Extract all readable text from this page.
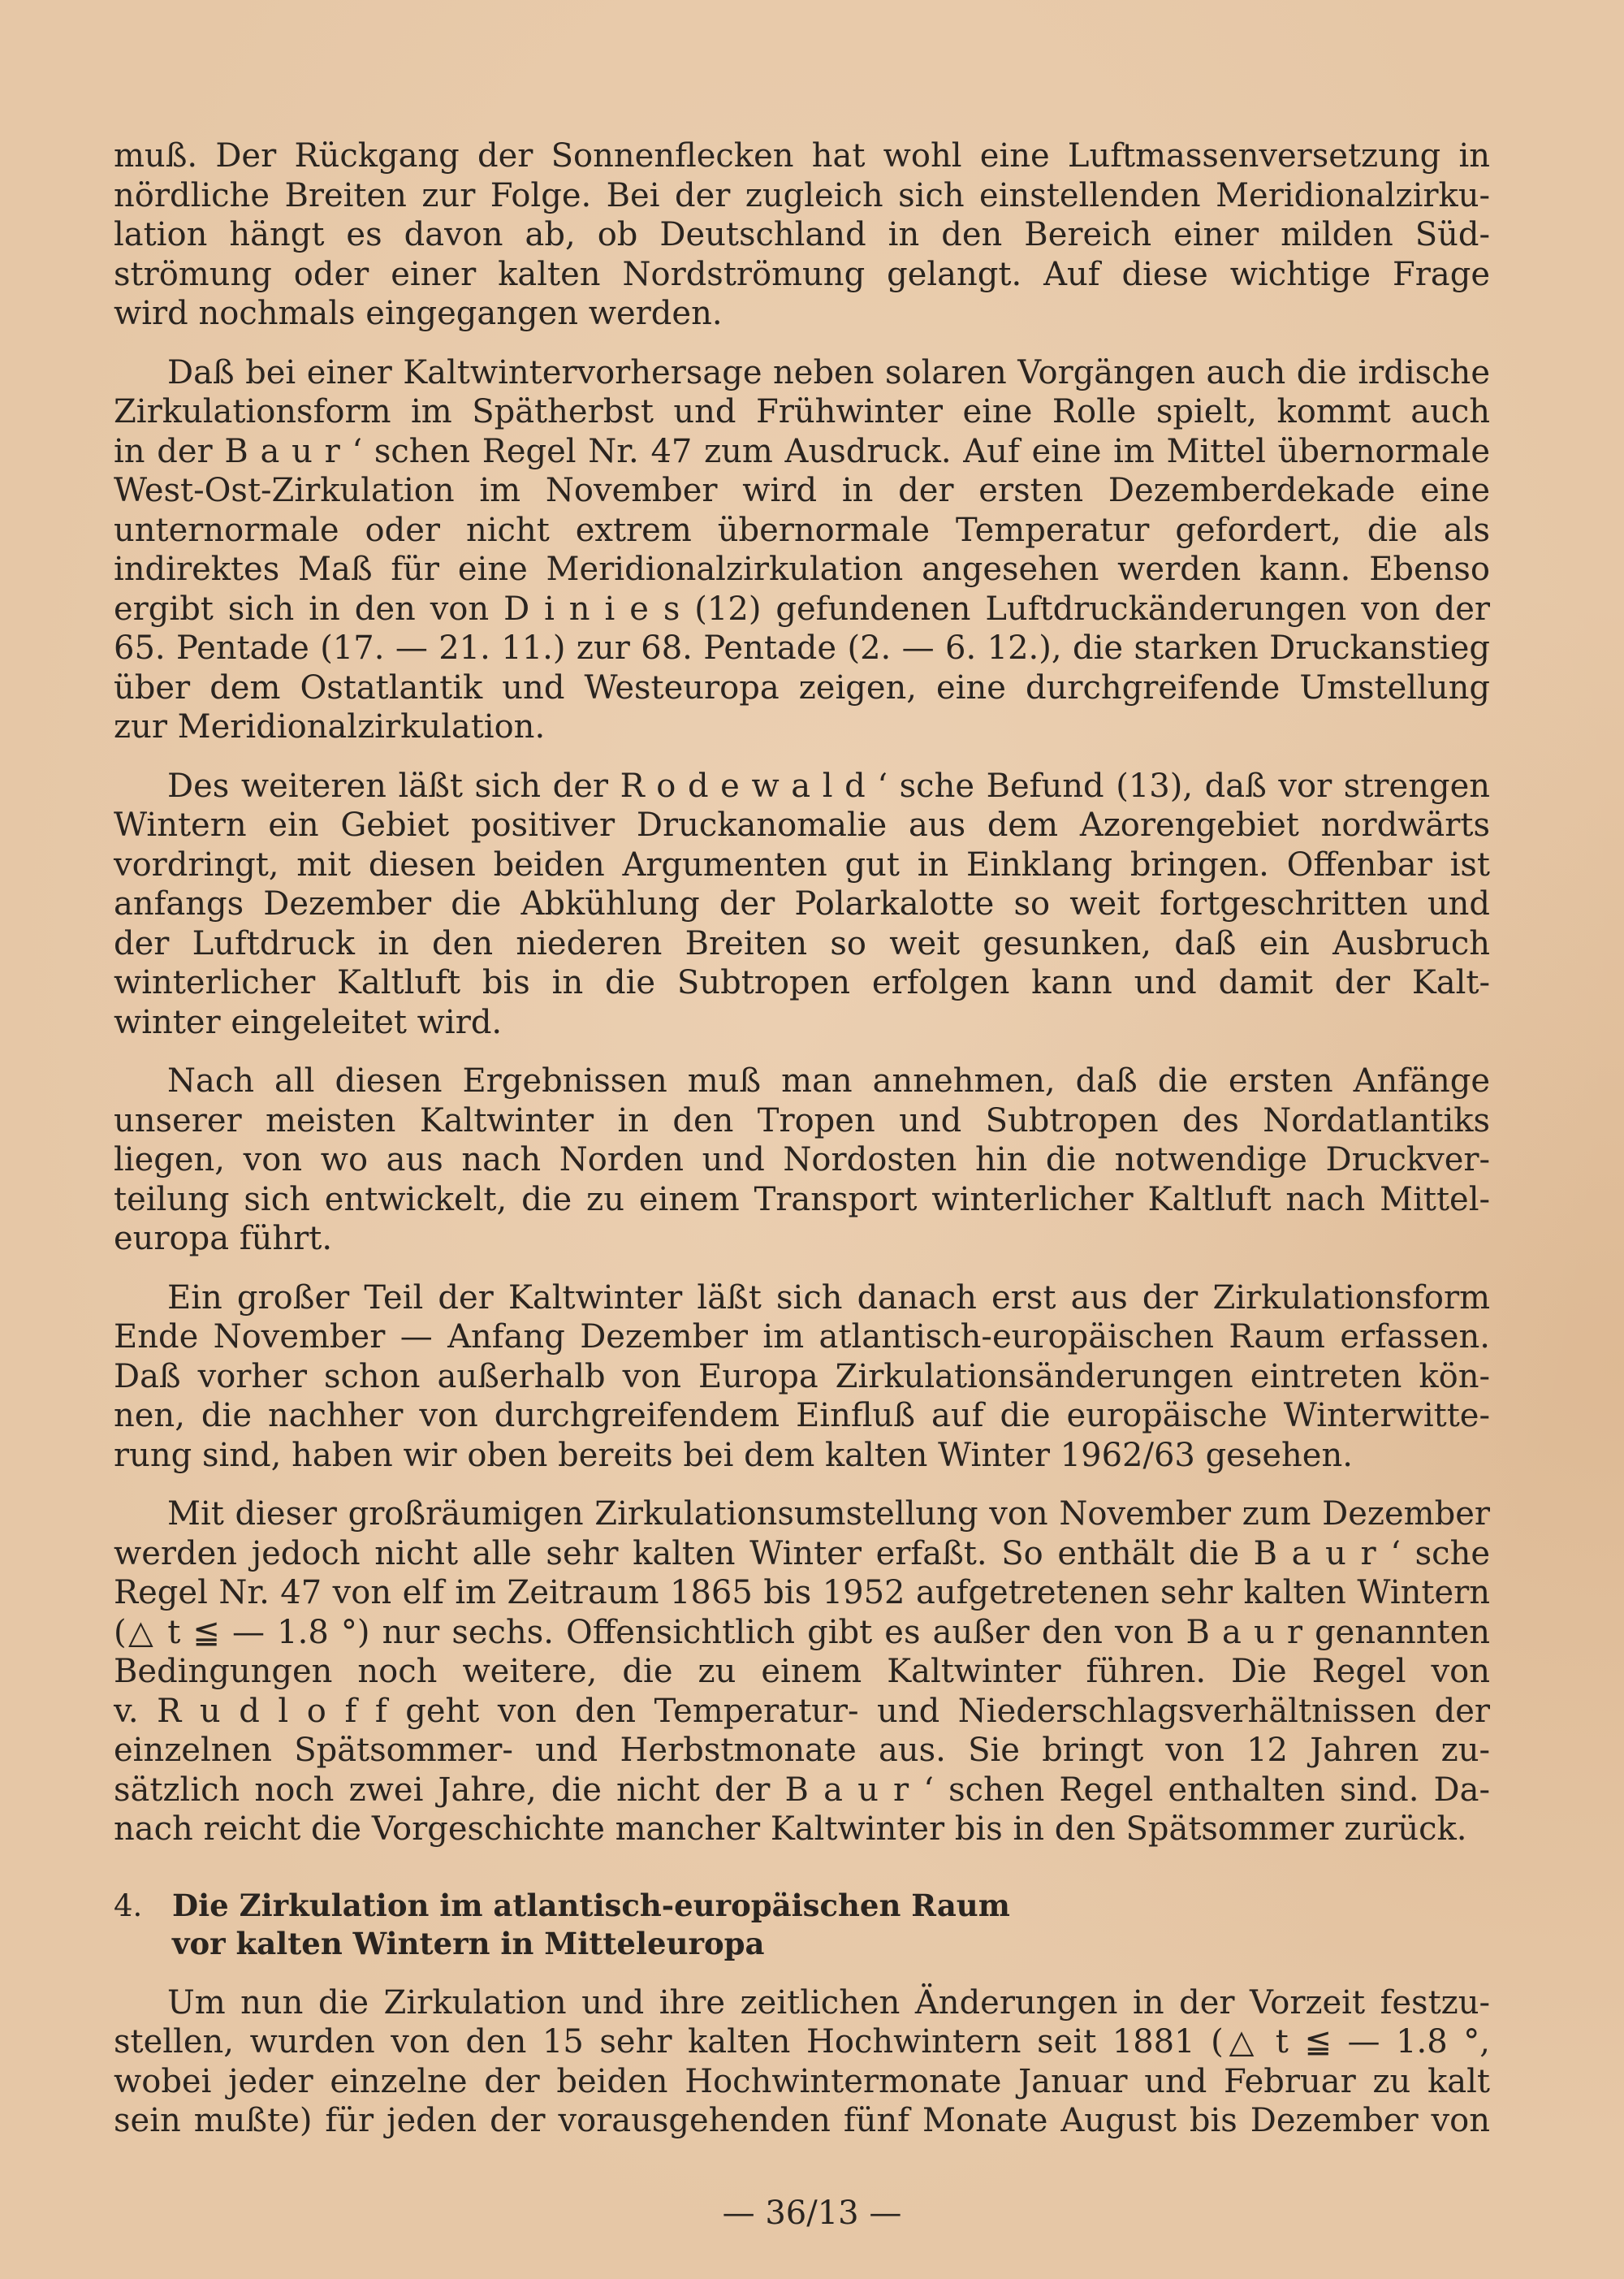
muß. Der Rückgang der Sonnenflecken hat wohl eine Luftmassenversetzung in
nördliche Breiten zur Folge. Bei der zugleich sich einstellenden Meridionalzirku-
lation hängt es davon ab, ob Deutschland in den Bereich einer milden Süd-
strömung oder einer kalten Nordströmung gelangt. Auf diese wichtige Frage
wird nochmals eingegangen werden.
Daß bei einer Kaltwintervorhersage neben solaren Vorgängen auch die irdische
Zirkulationsform im Spätherbst und Frühwinter eine Rolle spielt, kommt auch
in der B a u r ‘ schen Regel Nr. 47 zum Ausdruck. Auf eine im Mittel übernormale
West-Ost-Zirkulation im November wird in der ersten Dezemberdekade eine
unternormale oder nicht extrem übernormale Temperatur gefordert, die als
indirektes Maß für eine Meridionalzirkulation angesehen werden kann. Ebenso
ergibt sich in den von D i n i e s (12) gefundenen Luftdruckänderungen von der
65. Pentade (17. — 21. 11.) zur 68. Pentade (2. — 6. 12.), die starken Druckanstieg
über dem Ostatlantik und Westeuropa zeigen, eine durchgreifende Umstellung
zur Meridionalzirkulation.
Des weiteren läßt sich der R o d e w a l d ‘ sche Befund (13), daß vor strengen
Wintern ein Gebiet positiver Druckanomalie aus dem Azorengebiet nordwärts
vordringt, mit diesen beiden Argumenten gut in Einklang bringen. Offenbar ist
anfangs Dezember die Abkühlung der Polarkalotte so weit fortgeschritten und
der Luftdruck in den niederen Breiten so weit gesunken, daß ein Ausbruch
winterlicher Kaltluft bis in die Subtropen erfolgen kann und damit der Kalt-
winter eingeleitet wird.
Nach all diesen Ergebnissen muß man annehmen, daß die ersten Anfänge
unserer meisten Kaltwinter in den Tropen und Subtropen des Nordatlantiks
liegen, von wo aus nach Norden und Nordosten hin die notwendige Druckver-
teilung sich entwickelt, die zu einem Transport winterlicher Kaltluft nach Mittel-
europa führt.
Ein großer Teil der Kaltwinter läßt sich danach erst aus der Zirkulationsform
Ende November — Anfang Dezember im atlantisch-europäischen Raum erfassen.
Daß vorher schon außerhalb von Europa Zirkulationsänderungen eintreten kön-
nen, die nachher von durchgreifendem Einfluß auf die europäische Winterwitte-
rung sind, haben wir oben bereits bei dem kalten Winter 1962/63 gesehen.
Mit dieser großräumigen Zirkulationsumstellung von November zum Dezember
werden jedoch nicht alle sehr kalten Winter erfaßt. So enthält die B a u r ‘ sche
Regel Nr. 47 von elf im Zeitraum 1865 bis 1952 aufgetretenen sehr kalten Wintern
(△ t ≦ — 1.8 °) nur sechs. Offensichtlich gibt es außer den von B a u r genannten
Bedingungen noch weitere, die zu einem Kaltwinter führen. Die Regel von
v. R u d l o f f geht von den Temperatur- und Niederschlagsverhältnissen der
einzelnen Spätsommer- und Herbstmonate aus. Sie bringt von 12 Jahren zu-
sätzlich noch zwei Jahre, die nicht der B a u r ‘ schen Regel enthalten sind. Da-
nach reicht die Vorgeschichte mancher Kaltwinter bis in den Spätsommer zurück.
4. Die Zirkulation im atlantisch-europäischen Raum
vor kalten Wintern in Mitteleuropa
Um nun die Zirkulation und ihre zeitlichen Änderungen in der Vorzeit festzu-
stellen, wurden von den 15 sehr kalten Hochwintern seit 1881 (△ t ≦ — 1.8 °,
wobei jeder einzelne der beiden Hochwintermonate Januar und Februar zu kalt
sein mußte) für jeden der vorausgehenden fünf Monate August bis Dezember von
— 36/13 —
